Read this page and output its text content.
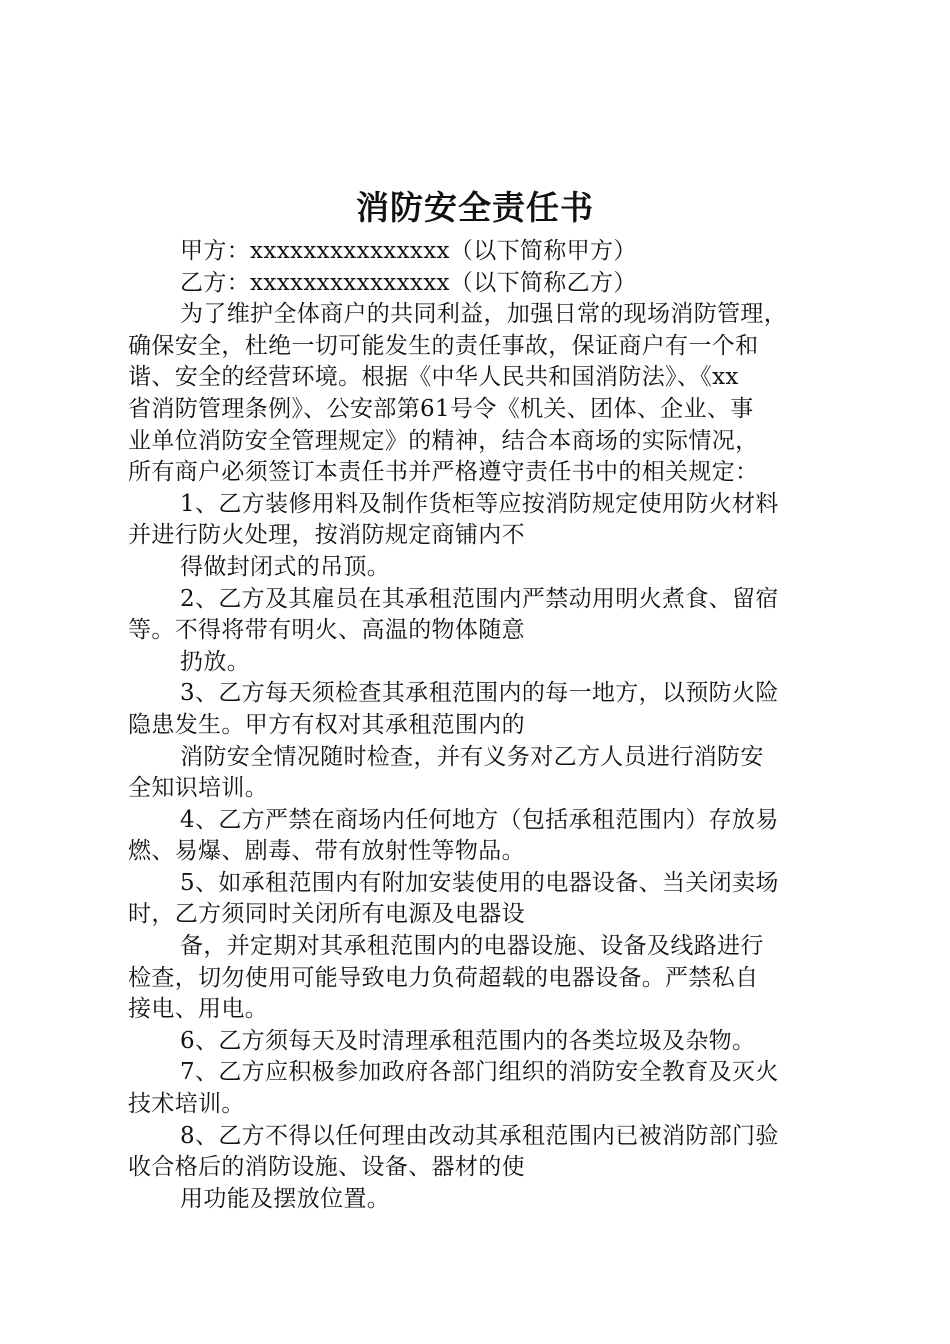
消防安全责任书
甲方：xxxxxxxxxxxxxxx（以下简称甲方）
乙方：xxxxxxxxxxxxxxx（以下简称乙方）
为了维护全体商户的共同利益，加强日常的现场消防管理，
确保安全，杜绝一切可能发生的责任事故，保证商户有一个和
谐、安全的经营环境。根据《中华人民共和国消防法》、《xx
省消防管理条例》、公安部第61号令《机关、团体、企业、事
业单位消防安全管理规定》的精神，结合本商场的实际情况，
所有商户必须签订本责任书并严格遵守责任书中的相关规定：
1、乙方装修用料及制作货柜等应按消防规定使用防火材料
并进行防火处理，按消防规定商铺内不
得做封闭式的吊顶。
2、乙方及其雇员在其承租范围内严禁动用明火煮食、留宿
等。不得将带有明火、高温的物体随意
扔放。
3、乙方每天须检查其承租范围内的每一地方，以预防火险
隐患发生。甲方有权对其承租范围内的
消防安全情况随时检查，并有义务对乙方人员进行消防安
全知识培训。
4、乙方严禁在商场内任何地方（包括承租范围内）存放易
燃、易爆、剧毒、带有放射性等物品。
5、如承租范围内有附加安装使用的电器设备、当关闭卖场
时，乙方须同时关闭所有电源及电器设
备，并定期对其承租范围内的电器设施、设备及线路进行
检查，切勿使用可能导致电力负荷超载的电器设备。严禁私自
接电、用电。
6、乙方须每天及时清理承租范围内的各类垃圾及杂物。
7、乙方应积极参加政府各部门组织的消防安全教育及灭火
技术培训。
8、乙方不得以任何理由改动其承租范围内已被消防部门验
收合格后的消防设施、设备、器材的使
用功能及摆放位置。
